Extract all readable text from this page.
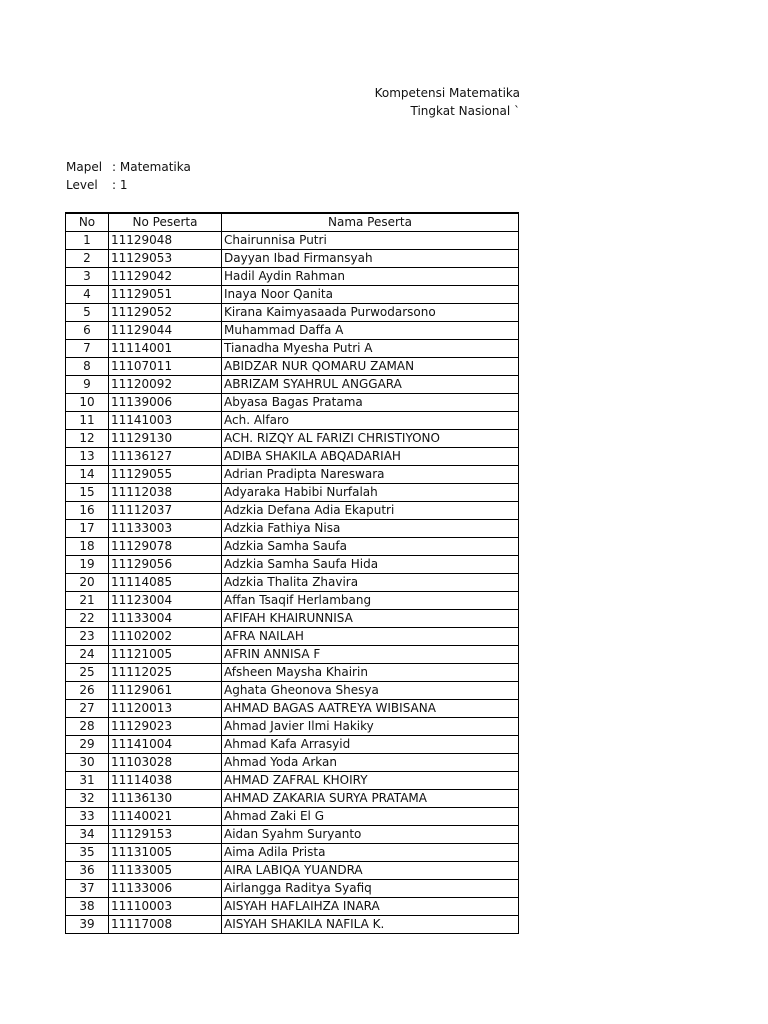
Kompetensi Matematika
Tingkat Nasional `
Mapel : Matematika
Level	: 1
No	No Peserta	Nama Peserta
1	11129048	Chairunnisa Putri
2	11129053	Dayyan Ibad Firmansyah
3	11129042	Hadil Aydin Rahman
4	11129051	Inaya Noor Qanita
5	11129052	Kirana Kaimyasaada Purwodarsono
6	11129044	Muhammad Daffa A
7	11114001	Tianadha Myesha Putri A
8	11107011	ABIDZAR NUR QOMARU ZAMAN
9	11120092	ABRIZAM SYAHRUL ANGGARA
10	11139006	Abyasa Bagas Pratama
11	11141003	Ach. Alfaro
12	11129130	ACH. RIZQY AL FARIZI CHRISTIYONO
13	11136127	ADIBA SHAKILA ABQADARIAH
14	11129055	Adrian Pradipta Nareswara
15	11112038	Adyaraka Habibi Nurfalah
16	11112037	Adzkia Defana Adia Ekaputri
17	11133003	Adzkia Fathiya Nisa
18	11129078	Adzkia Samha Saufa
19	11129056	Adzkia Samha Saufa Hida
20	11114085	Adzkia Thalita Zhavira
21	11123004	Affan Tsaqif Herlambang
22	11133004	AFIFAH KHAIRUNNISA
23	11102002	AFRA NAILAH
24	11121005	AFRIN ANNISA F
25	11112025	Afsheen Maysha Khairin
26	11129061	Aghata Gheonova Shesya
27	11120013	AHMAD BAGAS AATREYA WIBISANA
28	11129023	Ahmad Javier Ilmi Hakiky
29	11141004	Ahmad Kafa Arrasyid
30	11103028	Ahmad Yoda Arkan
31	11114038	AHMAD ZAFRAL KHOIRY
32	11136130	AHMAD ZAKARIA SURYA PRATAMA
33	11140021	Ahmad Zaki El G
34	11129153	Aidan Syahm Suryanto
35	11131005	Aima Adila Prista
36	11133005	AIRA LABIQA YUANDRA
37	11133006	Airlangga Raditya Syafiq
38	11110003	AISYAH HAFLAIHZA INARA
39	11117008	AISYAH SHAKILA NAFILA K.
